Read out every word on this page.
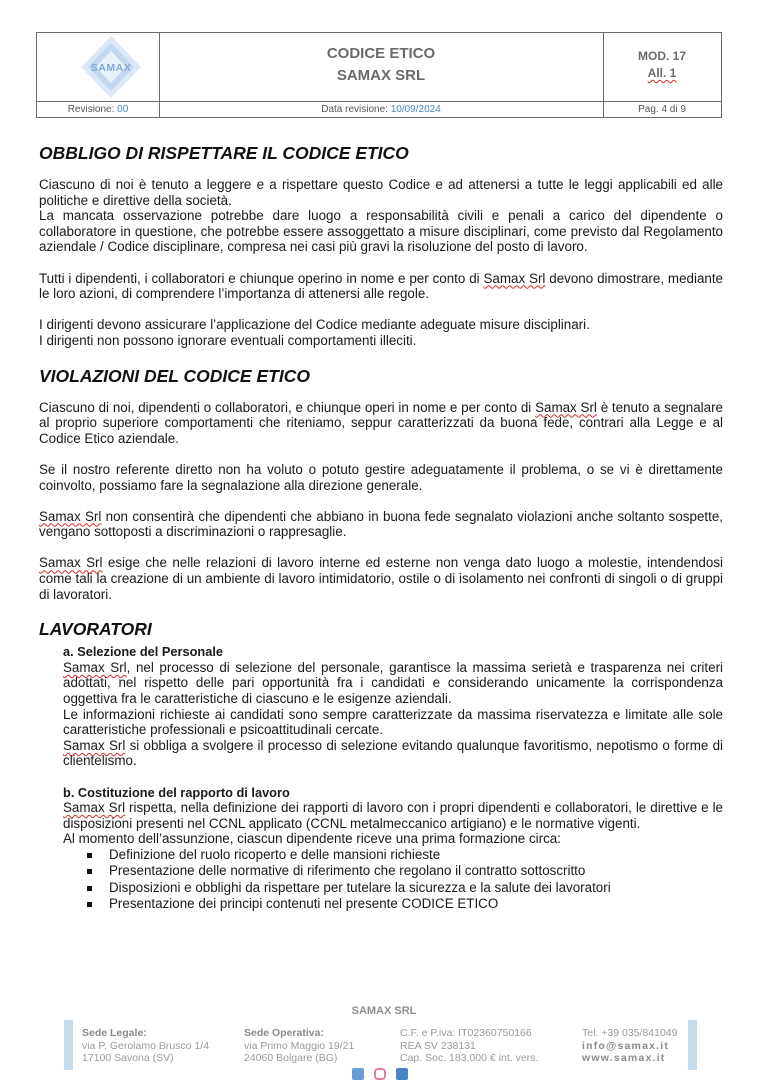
SAMAX
CODICE ETICO
SAMAX SRL
MOD. 17
All. 1
Revisione: 00	Data revisione: 10/09/2024	Pag. 4 di 9
OBBLIGO DI RISPETTARE IL CODICE ETICO

Ciascuno di noi è tenuto a leggere e a rispettare questo Codice e ad attenersi a tutte le leggi applicabili ed alle politiche e direttive della società.

La mancata osservazione potrebbe dare luogo a responsabilità civili e penali a carico del dipendente o collaboratore in questione, che potrebbe essere assoggettato a misure disciplinari, come previsto dal Regolamento aziendale / Codice disciplinare, compresa nei casi più gravi la risoluzione del posto di lavoro.

Tutti i dipendenti, i collaboratori e chiunque operino in nome e per conto di Samax Srl devono dimostrare, mediante le loro azioni, di comprendere l’importanza di attenersi alle regole.

I dirigenti devono assicurare l’applicazione del Codice mediante adeguate misure disciplinari.

I dirigenti non possono ignorare eventuali comportamenti illeciti.

VIOLAZIONI DEL CODICE ETICO

Ciascuno di noi, dipendenti o collaboratori, e chiunque operi in nome e per conto di Samax Srl è tenuto a segnalare al proprio superiore comportamenti che riteniamo, seppur caratterizzati da buona fede, contrari alla Legge e al Codice Etico aziendale.

Se il nostro referente diretto non ha voluto o potuto gestire adeguatamente il problema, o se vi è direttamente coinvolto, possiamo fare la segnalazione alla direzione generale.

Samax Srl non consentirà che dipendenti che abbiano in buona fede segnalato violazioni anche soltanto sospette, vengano sottoposti a discriminazioni o rappresaglie.

Samax Srl esige che nelle relazioni di lavoro interne ed esterne non venga dato luogo a molestie, intendendosi come tali la creazione di un ambiente di lavoro intimidatorio, ostile o di isolamento nei confronti di singoli o di gruppi di lavoratori.

LAVORATORI
a. Selezione del Personale

Samax Srl, nel processo di selezione del personale, garantisce la massima serietà e trasparenza nei criteri adottati, nel rispetto delle pari opportunità fra i candidati e considerando unicamente la corrispondenza oggettiva fra le caratteristiche di ciascuno e le esigenze aziendali.

Le informazioni richieste ai candidati sono sempre caratterizzate da massima riservatezza e limitate alle sole caratteristiche professionali e psicoattitudinali cercate.

Samax Srl si obbliga a svolgere il processo di selezione evitando qualunque favoritismo, nepotismo o forme di clientelismo.

b. Costituzione del rapporto di lavoro

Samax Srl rispetta, nella definizione dei rapporti di lavoro con i propri dipendenti e collaboratori, le direttive e le disposizioni presenti nel CCNL applicato (CCNL metalmeccanico artigiano) e le normative vigenti.

Al momento dell’assunzione, ciascun dipendente riceve una prima formazione circa:

Definizione del ruolo ricoperto e delle mansioni richieste
Presentazione delle normative di riferimento che regolano il contratto sottoscritto
Disposizioni e obblighi da rispettare per tutelare la sicurezza e la salute dei lavoratori
Presentazione dei principi contenuti nel presente CODICE ETICO
SAMAX SRL
Sede Legale:
via P. Gerolamo Brusco 1/4
17100 Savona (SV)
Sede Operativa:
via Primo Maggio 19/21
24060 Bolgare (BG)
C.F. e P.iva: IT02360750166
REA SV 238131
Cap. Soc. 183.000 € int. vers.
Tel. +39 035/841049
info@samax.it
www.samax.it
